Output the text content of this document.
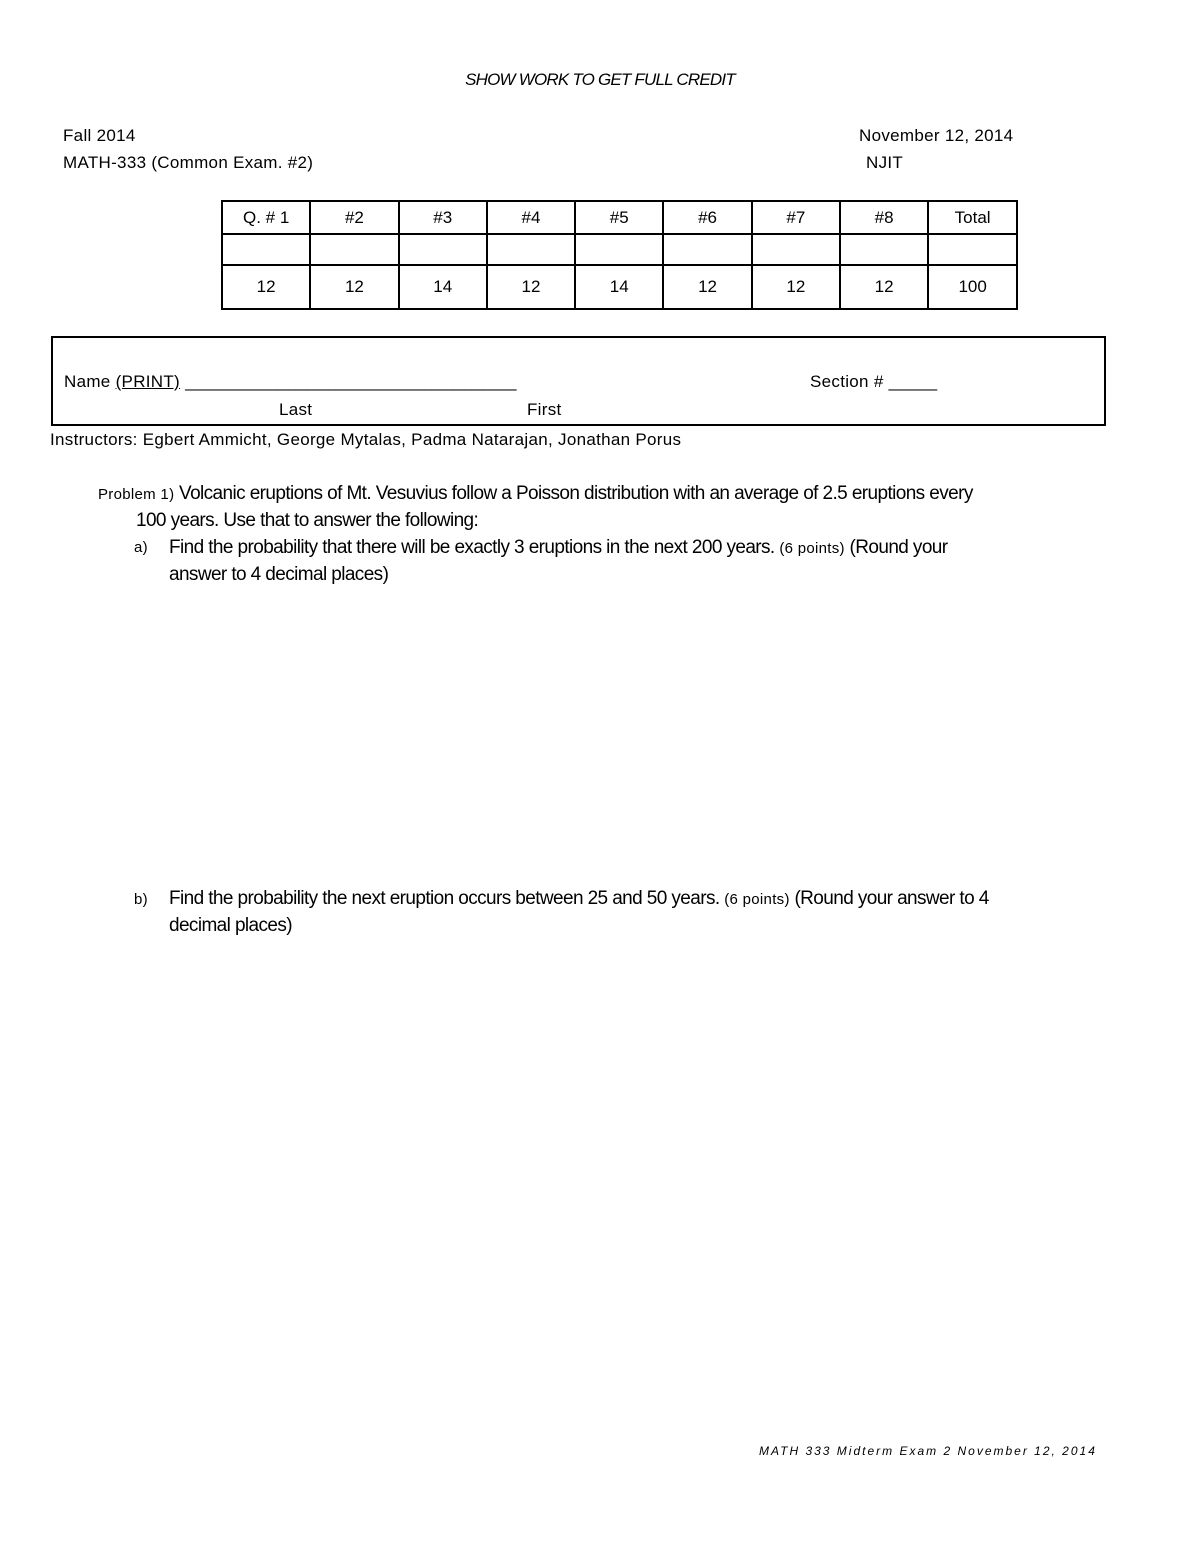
SHOW WORK TO GET FULL CREDIT
Fall 2014	November 12, 2014
MATH-333 (Common Exam. #2)	NJIT
Q. # 1	#2	#3	#4	#5	#6	#7	#8	Total

12	12	14	12	14	12	12	12	100
Name (PRINT) __________________________________	Section # _____
Last	First
Instructors: Egbert Ammicht, George Mytalas, Padma Natarajan, Jonathan Porus
Problem 1) Volcanic eruptions of Mt. Vesuvius follow a Poisson distribution with an average of 2.5 eruptions every
100 years. Use that to answer the following:
a) Find the probability that there will be exactly 3 eruptions in the next 200 years. (6 points) (Round your
answer to 4 decimal places)
b) Find the probability the next eruption occurs between 25 and 50 years. (6 points) (Round your answer to 4
decimal places)
MATH 333 Midterm Exam 2 November 12, 2014
